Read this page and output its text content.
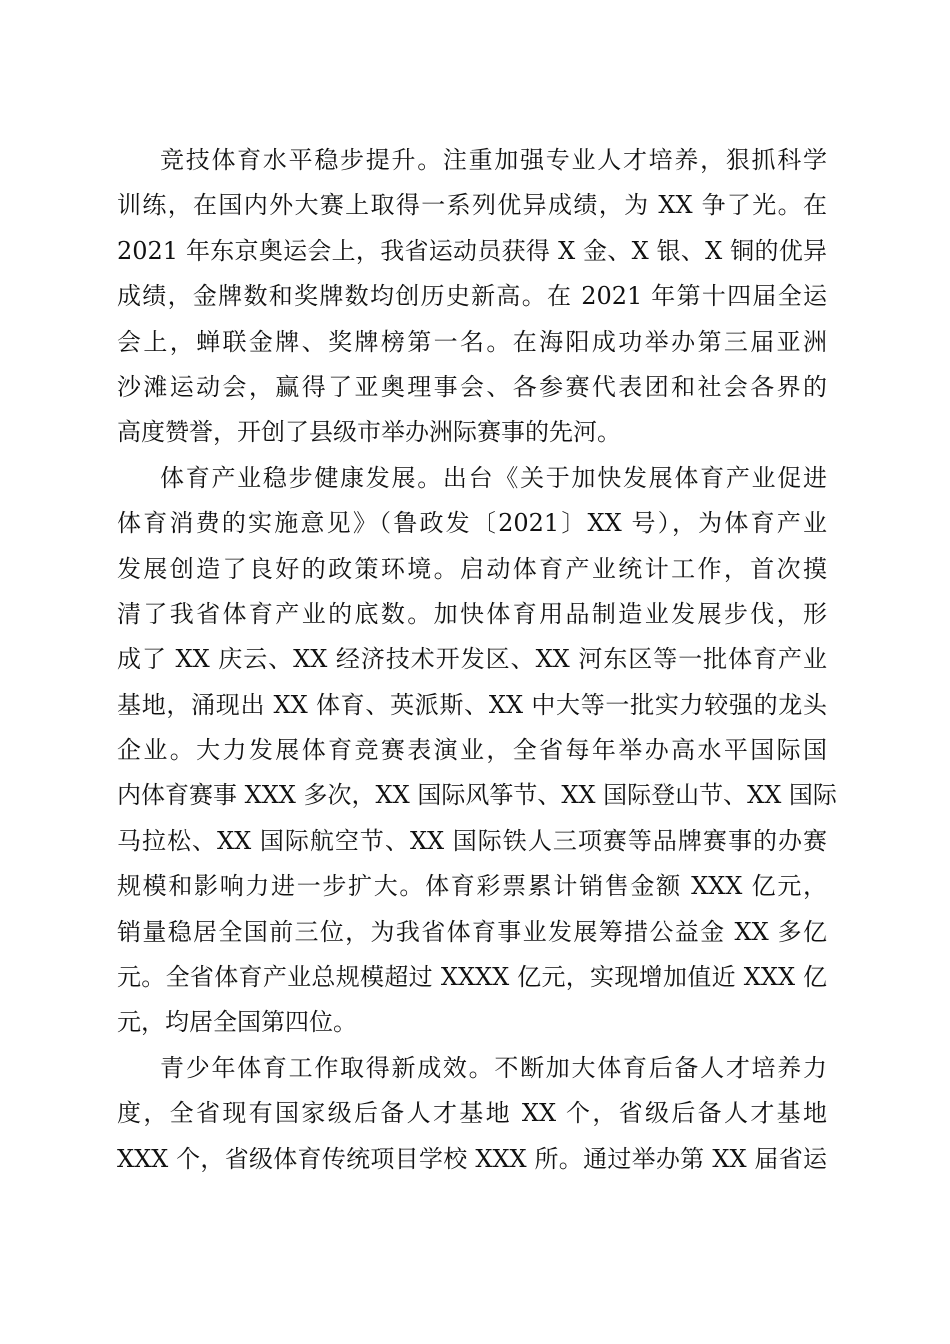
竞技体育水平稳步提升。注重加强专业人才培养，狠抓科学
训练，在国内外大赛上取得一系列优异成绩，为 XX 争了光。在
2021 年东京奥运会上，我省运动员获得 X 金、X 银、X 铜的优异
成绩，金牌数和奖牌数均创历史新高。在 2021 年第十四届全运
会上，蝉联金牌、奖牌榜第一名。在海阳成功举办第三届亚洲
沙滩运动会，赢得了亚奥理事会、各参赛代表团和社会各界的
高度赞誉，开创了县级市举办洲际赛事的先河。
体育产业稳步健康发展。出台《关于加快发展体育产业促进
体育消费的实施意见》（鲁政发〔2021〕XX 号），为体育产业
发展创造了良好的政策环境。启动体育产业统计工作，首次摸
清了我省体育产业的底数。加快体育用品制造业发展步伐，形
成了 XX 庆云、XX 经济技术开发区、XX 河东区等一批体育产业
基地，涌现出 XX 体育、英派斯、XX 中大等一批实力较强的龙头
企业。大力发展体育竞赛表演业，全省每年举办高水平国际国
内体育赛事 XXX 多次，XX 国际风筝节、XX 国际登山节、XX 国际
马拉松、XX 国际航空节、XX 国际铁人三项赛等品牌赛事的办赛
规模和影响力进一步扩大。体育彩票累计销售金额 XXX 亿元，
销量稳居全国前三位，为我省体育事业发展筹措公益金 XX 多亿
元。全省体育产业总规模超过 XXXX 亿元，实现增加值近 XXX 亿
元，均居全国第四位。
青少年体育工作取得新成效。不断加大体育后备人才培养力
度，全省现有国家级后备人才基地 XX 个，省级后备人才基地
XXX 个，省级体育传统项目学校 XXX 所。通过举办第 XX 届省运
